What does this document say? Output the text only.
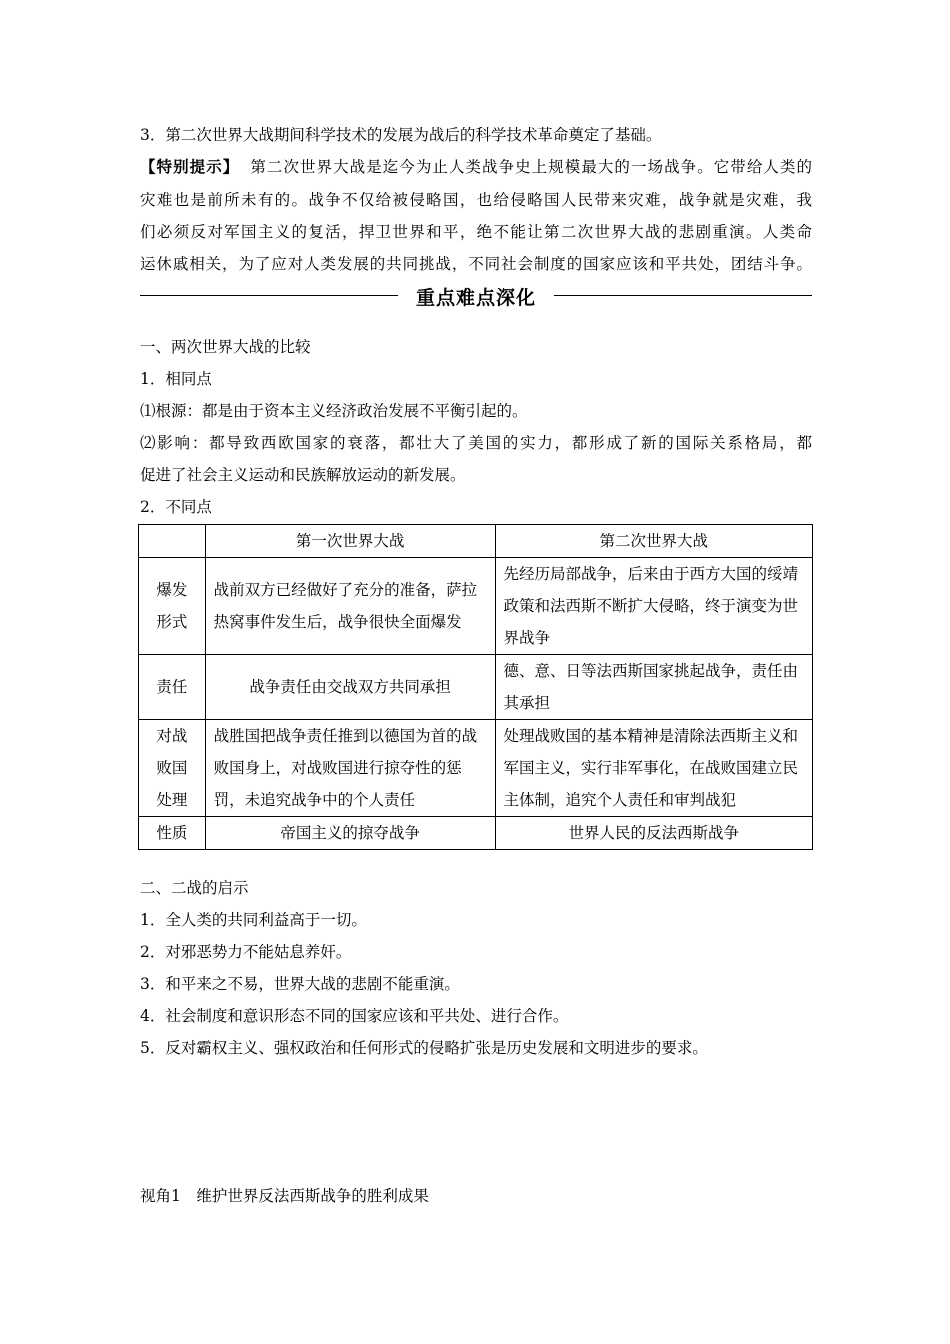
3．第二次世界大战期间科学技术的发展为战后的科学技术革命奠定了基础。
【特别提示】 第二次世界大战是迄今为止人类战争史上规模最大的一场战争。它带给人类的
灾难也是前所未有的。战争不仅给被侵略国，也给侵略国人民带来灾难，战争就是灾难，我
们必须反对军国主义的复活，捍卫世界和平，绝不能让第二次世界大战的悲剧重演。人类命
运休戚相关，为了应对人类发展的共同挑战，不同社会制度的国家应该和平共处，团结斗争。
重点难点深化
一、两次世界大战的比较
1．相同点
⑴根源：都是由于资本主义经济政治发展不平衡引起的。
⑵影响：都导致西欧国家的衰落，都壮大了美国的实力，都形成了新的国际关系格局，都
促进了社会主义运动和民族解放运动的新发展。
2．不同点
	第一次世界大战	第二次世界大战
爆发形式	战前双方已经做好了充分的准备，萨拉热窝事件发生后，战争很快全面爆发	先经历局部战争，后来由于西方大国的绥靖政策和法西斯不断扩大侵略，终于演变为世界战争
责任	战争责任由交战双方共同承担	德、意、日等法西斯国家挑起战争，责任由其承担
对战败国处理	战胜国把战争责任推到以德国为首的战败国身上，对战败国进行掠夺性的惩罚，未追究战争中的个人责任	处理战败国的基本精神是清除法西斯主义和军国主义，实行非军事化，在战败国建立民主体制，追究个人责任和审判战犯
性质	帝国主义的掠夺战争	世界人民的反法西斯战争
二、二战的启示
1．全人类的共同利益高于一切。
2．对邪恶势力不能姑息养奸。
3．和平来之不易，世界大战的悲剧不能重演。
4．社会制度和意识形态不同的国家应该和平共处、进行合作。
5．反对霸权主义、强权政治和任何形式的侵略扩张是历史发展和文明进步的要求。
视角1　维护世界反法西斯战争的胜利成果
